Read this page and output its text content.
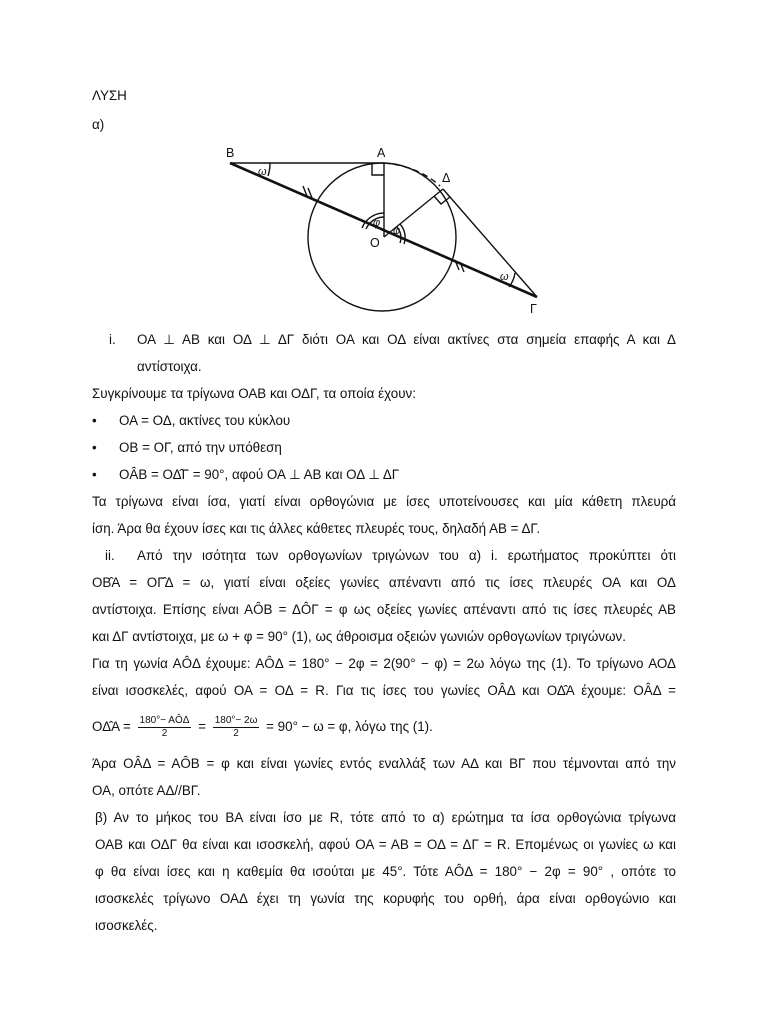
ΛΥΣΗ
α)
Β	Α
Δ
Ο
Γ
ω
ω
φ
φ
i. ΟΑ ⊥ ΑΒ και ΟΔ ⊥ ΔΓ διότι ΟΑ και ΟΔ είναι ακτίνες στα σημεία επαφής Α και Δ
αντίστοιχα.
Συγκρίνουμε τα τρίγωνα ΟΑΒ και ΟΔΓ, τα οποία έχουν:
• ΟΑ = ΟΔ, ακτίνες του κύκλου
• ΟΒ = ΟΓ, από την υπόθεση
• ΟÂΒ = ΟΔ̂Γ = 90°, αφού ΟΑ ⊥ ΑΒ και ΟΔ ⊥ ΔΓ
Τα τρίγωνα είναι ίσα, γιατί είναι ορθογώνια με ίσες υποτείνουσες και μία κάθετη πλευρά
ίση. Άρα θα έχουν ίσες και τις άλλες κάθετες πλευρές τους, δηλαδή ΑΒ = ΔΓ.
ii. Από την ισότητα των ορθογωνίων τριγώνων του α) i. ερωτήματος προκύπτει ότι
ΟΒ̂Α = ΟΓ̂Δ = ω, γιατί είναι οξείες γωνίες απέναντι από τις ίσες πλευρές ΟΑ και ΟΔ
αντίστοιχα. Επίσης είναι ΑÔΒ = ΔÔΓ = φ ως οξείες γωνίες απέναντι από τις ίσες πλευρές ΑΒ
και ΔΓ αντίστοιχα, με ω + φ = 90° (1), ως άθροισμα οξειών γωνιών ορθογωνίων τριγώνων.
Για τη γωνία ΑÔΔ έχουμε: ΑÔΔ = 180° − 2φ = 2(90° − φ) = 2ω λόγω της (1). Το τρίγωνο ΑΟΔ
είναι ισοσκελές, αφού ΟΑ = ΟΔ = R. Για τις ίσες του γωνίες ΟÂΔ και ΟΔ̂Α έχουμε: ΟÂΔ =
ΟΔ̂Α = $\frac{\text{180°− ΑÔΔ}}{2} = \frac{180^\circ- 2\omega}{2} = 90^\circ - \omega = \varphi$, λόγω της (1).
Άρα ΟÂΔ = ΑÔΒ = φ και είναι γωνίες εντός εναλλάξ των ΑΔ και ΒΓ που τέμνονται από την
ΟΑ, οπότε ΑΔ//ΒΓ.
β) Αν το μήκος του ΒΑ είναι ίσο με R, τότε από το α) ερώτημα τα ίσα ορθογώνια τρίγωνα
ΟΑΒ και ΟΔΓ θα είναι και ισοσκελή, αφού ΟΑ = ΑΒ = ΟΔ = ΔΓ = R. Επομένως οι γωνίες ω και
φ θα είναι ίσες και η καθεμία θα ισούται με 45°. Τότε ΑÔΔ = 180° − 2φ = 90° , οπότε το
ισοσκελές τρίγωνο ΟΑΔ έχει τη γωνία της κορυφής του ορθή, άρα είναι ορθογώνιο και
ισοσκελές.
